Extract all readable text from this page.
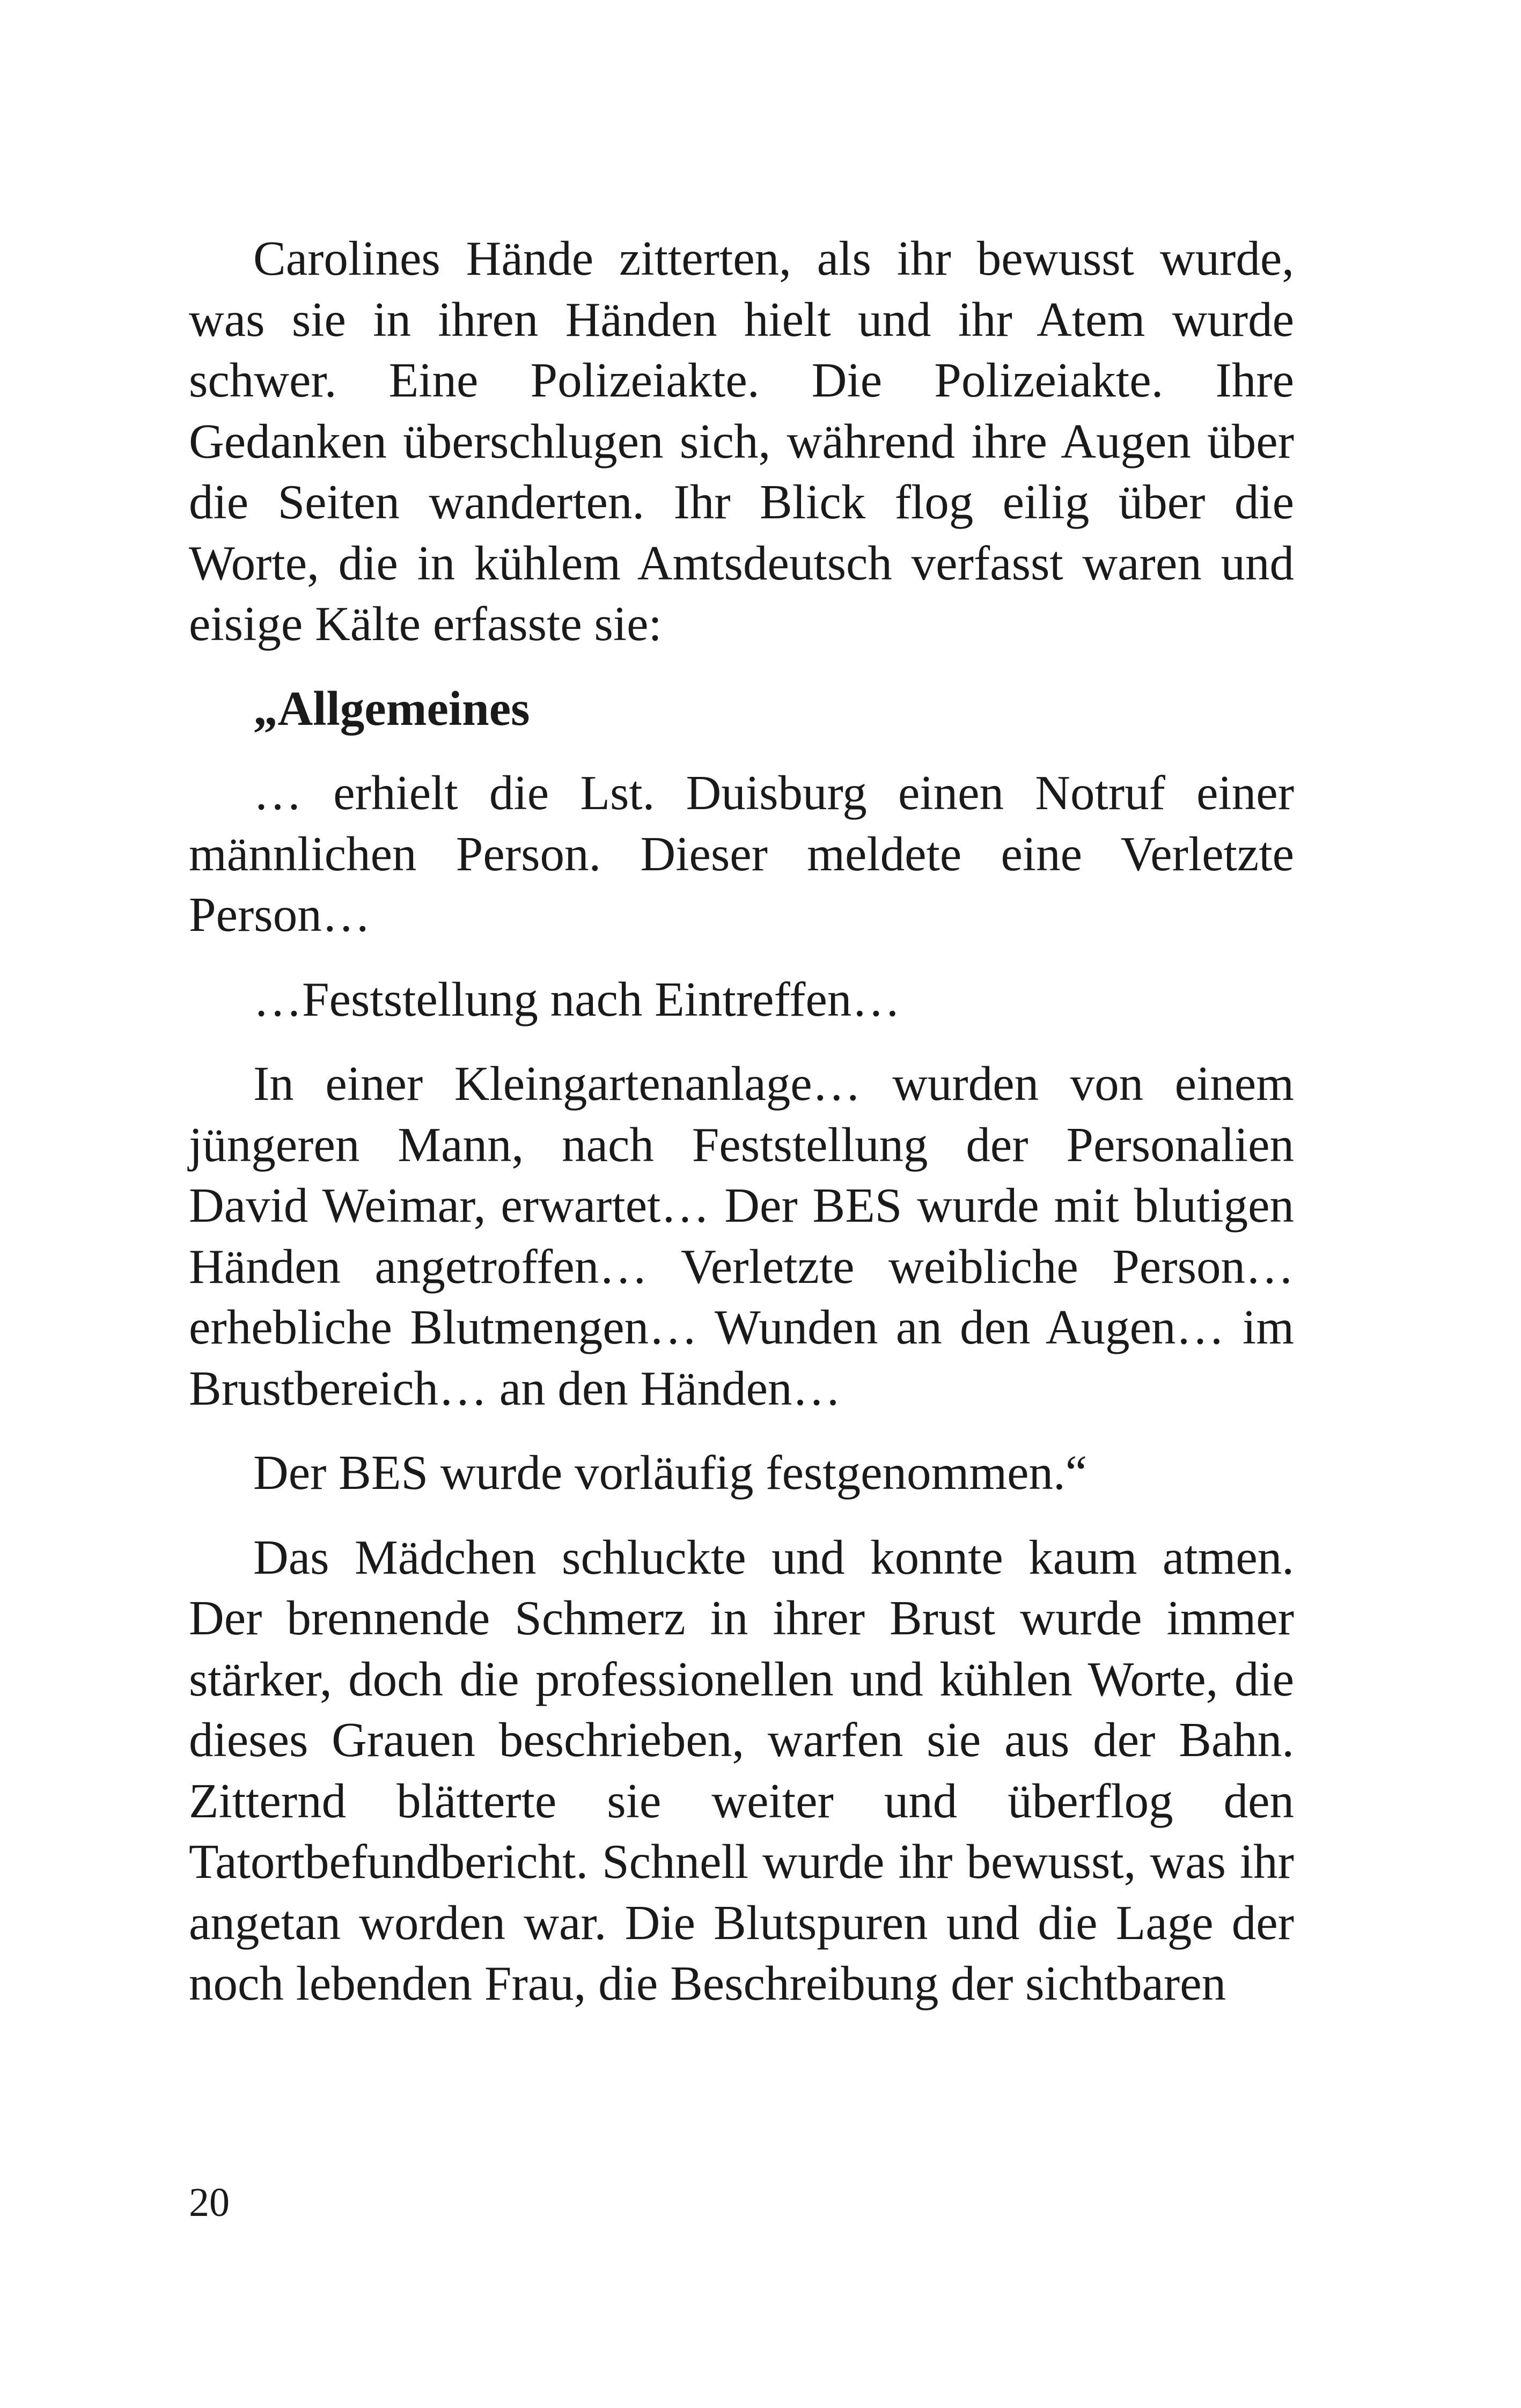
Carolines Hände zitterten, als ihr bewusst wurde, was sie in ihren Händen hielt und ihr Atem wurde schwer. Eine Polizeiakte. Die Polizeiakte. Ihre Gedanken überschlugen sich, während ihre Augen über die Seiten wanderten. Ihr Blick flog eilig über die Worte, die in kühlem Amtsdeutsch verfasst waren und eisige Kälte erfasste sie:

„Allgemeines

… erhielt die Lst. Duisburg einen Notruf einer männlichen Person. Dieser meldete eine Verletzte Person…

…Feststellung nach Eintreffen…

In einer Kleingartenanlage… wurden von einem jüngeren Mann, nach Feststellung der Personalien David Weimar, erwartet… Der BES wurde mit blutigen Händen angetroffen… Verletzte weibliche Person… erhebliche Blutmengen… Wunden an den Augen… im Brustbereich… an den Händen…

Der BES wurde vorläufig festgenommen.“

Das Mädchen schluckte und konnte kaum atmen. Der brennende Schmerz in ihrer Brust wurde immer stärker, doch die professionellen und kühlen Worte, die dieses Grauen beschrieben, warfen sie aus der Bahn. Zitternd blätterte sie weiter und überflog den Tatortbefundbericht. Schnell wurde ihr bewusst, was ihr angetan worden war. Die Blutspuren und die Lage der noch lebenden Frau, die Beschreibung der sichtbaren

20
